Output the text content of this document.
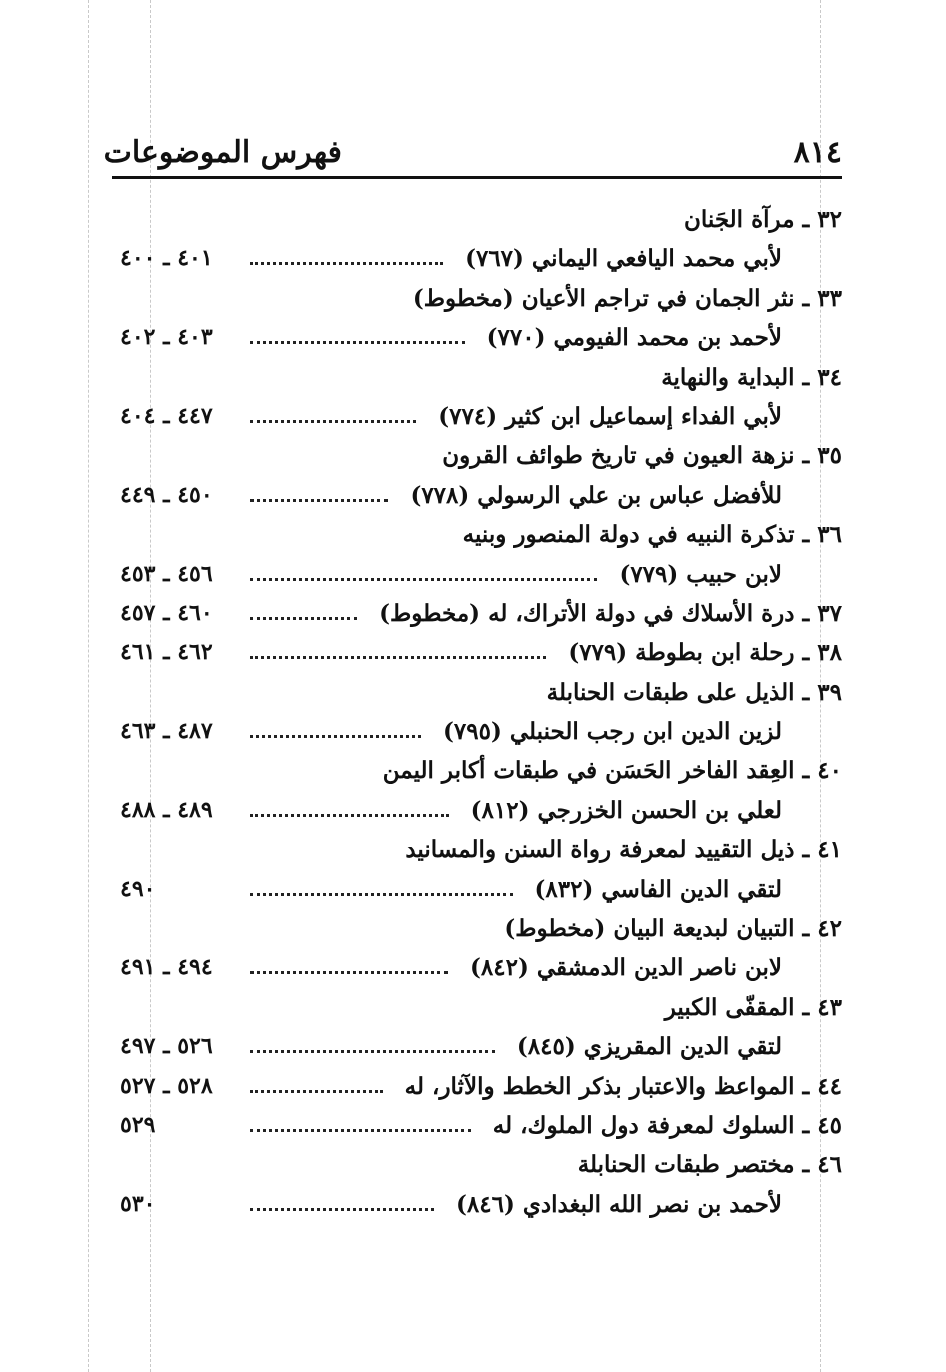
فهرس الموضوعات	٨١٤
٣٢ ـ مرآة الجَنان
لأبي محمد اليافعي اليماني (٧٦٧)
٤٠١ ـ ٤٠٠
٣٣ ـ نثر الجمان في تراجم الأعيان (مخطوط)
لأحمد بن محمد الفيومي (٧٧٠)
٤٠٣ ـ ٤٠٢
٣٤ ـ البداية والنهاية
لأبي الفداء إسماعيل ابن كثير (٧٧٤)
٤٤٧ ـ ٤٠٤
٣٥ ـ نزهة العيون في تاريخ طوائف القرون
للأفضل عباس بن علي الرسولي (٧٧٨)
٤٥٠ ـ ٤٤٩
٣٦ ـ تذكرة النبيه في دولة المنصور وبنيه
لابن حبيب (٧٧٩)
٤٥٦ ـ ٤٥٣
٣٧ ـ درة الأسلاك في دولة الأتراك، له (مخطوط)
٤٦٠ ـ ٤٥٧
٣٨ ـ رحلة ابن بطوطة (٧٧٩)
٤٦٢ ـ ٤٦١
٣٩ ـ الذيل على طبقات الحنابلة
لزين الدين ابن رجب الحنبلي (٧٩٥)
٤٨٧ ـ ٤٦٣
٤٠ ـ العِقد الفاخر الحَسَن في طبقات أكابر اليمن
لعلي بن الحسن الخزرجي (٨١٢)
٤٨٩ ـ ٤٨٨
٤١ ـ ذيل التقييد لمعرفة رواة السنن والمسانيد
لتقي الدين الفاسي (٨٣٢)
٤٩٠
٤٢ ـ التبيان لبديعة البيان (مخطوط)
لابن ناصر الدين الدمشقي (٨٤٢)
٤٩٤ ـ ٤٩١
٤٣ ـ المقفّى الكبير
لتقي الدين المقريزي (٨٤٥)
٥٢٦ ـ ٤٩٧
٤٤ ـ المواعظ والاعتبار بذكر الخطط والآثار، له
٥٢٨ ـ ٥٢٧
٤٥ ـ السلوك لمعرفة دول الملوك، له
٥٢٩
٤٦ ـ مختصر طبقات الحنابلة
لأحمد بن نصر الله البغدادي (٨٤٦)
٥٣٠
